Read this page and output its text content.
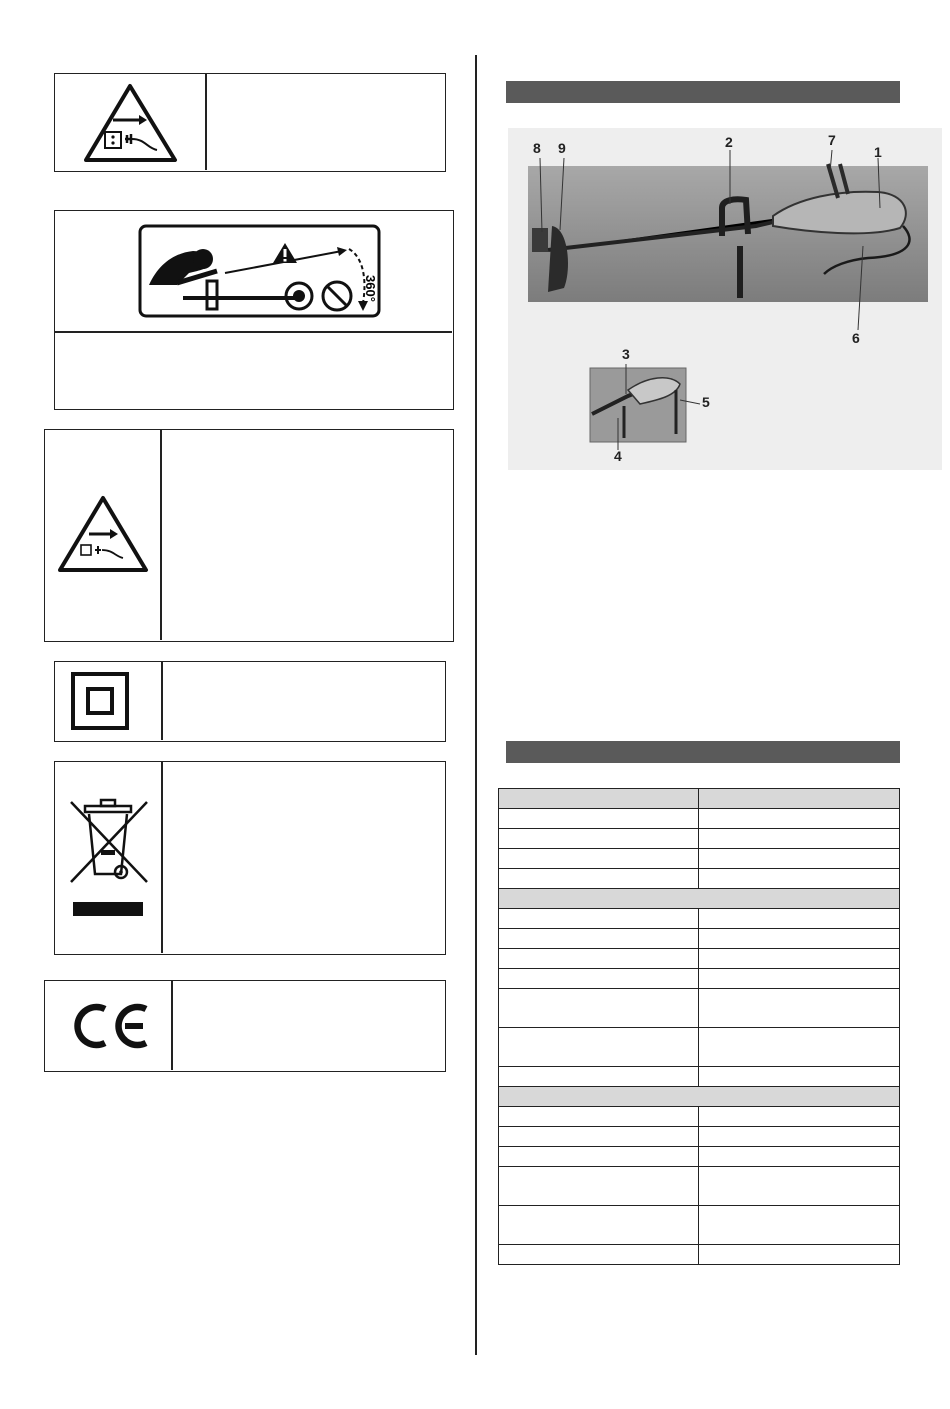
360°
8 9	2	7
1
6
3
4
5
